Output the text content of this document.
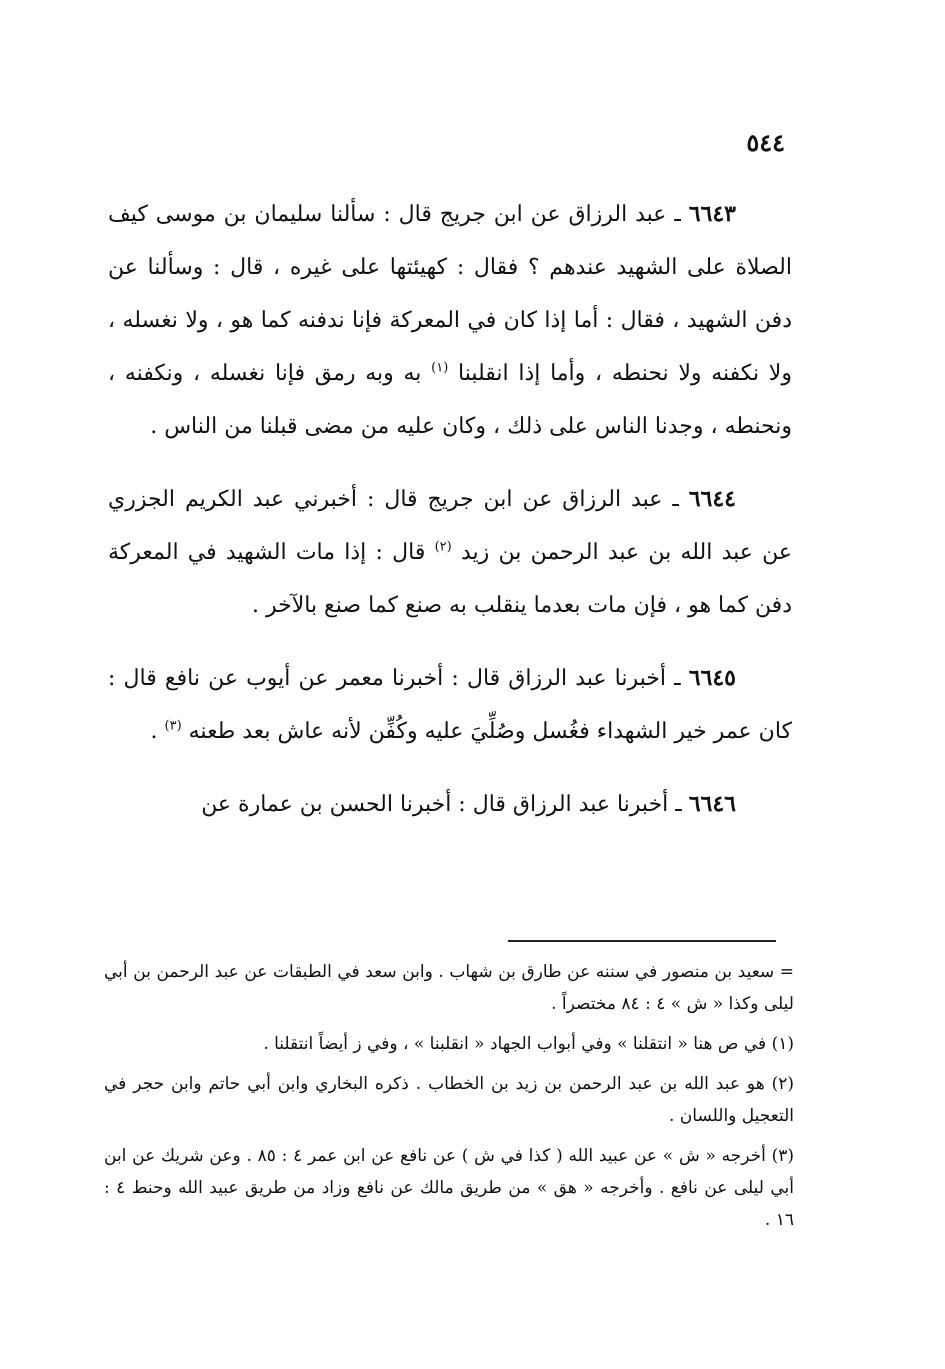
٥٤٤

٦٦٤٣ ـ عبد الرزاق عن ابن جريج قال : سألنا سليمان بن موسى كيف الصلاة على الشهيد عندهم ؟ فقال : كهيئتها على غيره ، قال : وسألنا عن دفن الشهيد ، فقال : أما إذا كان في المعركة فإنا ندفنه كما هو ، ولا نغسله ، ولا نكفنه ولا نحنطه ، وأما إذا انقلبنا $^{(١)}$ به وبه رمق فإنا نغسله ، ونكفنه ، ونحنطه ، وجدنا الناس على ذلك ، وكان عليه من مضى قبلنا من الناس .

٦٦٤٤ ـ عبد الرزاق عن ابن جريج قال : أخبرني عبد الكريم الجزري عن عبد الله بن عبد الرحمن بن زيد $^{(٢)}$ قال : إذا مات الشهيد في المعركة دفن كما هو ، فإن مات بعدما ينقلب به صنع كما صنع بالآخر .

٦٦٤٥ ـ أخبرنا عبد الرزاق قال : أخبرنا معمر عن أيوب عن نافع قال : كان عمر خير الشهداء فغُسل وصُلِّيَ عليه وكُفِّن لأنه عاش بعد طعنه $^{(٣)}$ .

٦٦٤٦ ـ أخبرنا عبد الرزاق قال : أخبرنا الحسن بن عمارة عن

= سعيد بن منصور في سننه عن طارق بن شهاب . وابن سعد في الطبقات عن عبد الرحمن بن أبي ليلى وكذا « ش » ٤ : ٨٤ مختصراً .

(١) في ص هنا « انتقلنا » وفي أبواب الجهاد « انقلبنا » ، وفي ز أيضاً انتقلنا .

(٢) هو عبد الله بن عبد الرحمن بن زيد بن الخطاب . ذكره البخاري وابن أبي حاتم وابن حجر في التعجيل واللسان .

(٣) أخرجه « ش » عن عبيد الله ( كذا في ش ) عن نافع عن ابن عمر ٤ : ٨٥ . وعن شريك عن ابن أبي ليلى عن نافع . وأخرجه « هق » من طريق مالك عن نافع وزاد من طريق عبيد الله وحنط ٤ : ١٦ .
